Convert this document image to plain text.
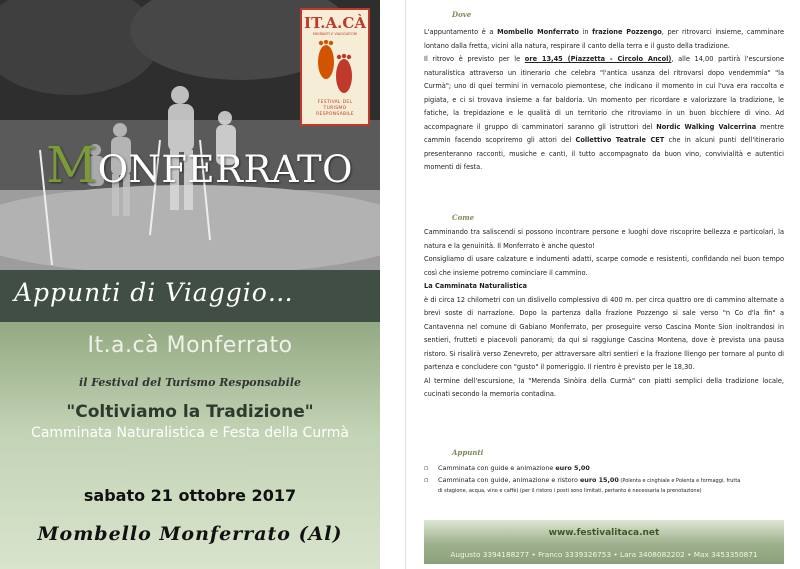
IT.A.CÀ
MIGRANTI E VIAGGIATORI
FESTIVAL DEL
TURISMO RESPONSABILE
MONFERRATO
Appunti di Viaggio…
It.a.cà Monferrato
il Festival del Turismo Responsabile
"Coltiviamo la Tradizione"
Camminata Naturalistica e Festa della Curmà
sabato 21 ottobre 2017
Mombello Monferrato (Al)
Dove

L'appuntamento è a Mombello Monferrato in frazione Pozzengo, per ritrovarci insieme, camminare lontano dalla fretta, vicini alla natura, respirare il canto della terra e il gusto della tradizione.

Il ritrovo è previsto per le ore 13,45 (Piazzetta - Circolo Ancol), alle 14,00 partirà l'escursione naturalistica attraverso un itinerario che celebra "l'antica usanza del ritrovarsi dopo vendemmia" "la Curmà"; uno di quei termini in vernacolo piemontese, che indicano il momento in cui l'uva era raccolta e pigiata, e ci si trovava insieme a far baldoria. Un momento per ricordare e valorizzare la tradizione, le fatiche, la trepidazione e le qualità di un territorio che ritroviamo in un buon bicchiere di vino. Ad accompagnare il gruppo di camminatori saranno gli istruttori del Nordic Walking Valcerrina mentre cammin facendo scopriremo gli attori del Collettivo Teatrale CET che in alcuni punti dell'itinerario presenteranno racconti, musiche e canti, il tutto accompagnato da buon vino, convivialità e autentici momenti di festa.

Come

Camminando tra saliscendi si possono incontrare persone e luoghi dove riscoprire bellezza e particolari, la natura e la genuinità. Il Monferrato è anche questo!

Consigliamo di usare calzature e indumenti adatti, scarpe comode e resistenti, confidando nel buon tempo così che insieme potremo cominciare il cammino.

La Camminata Naturalistica

è di circa 12 chilometri con un dislivello complessivo di 400 m. per circa quattro ore di cammino alternate a brevi soste di narrazione. Dopo la partenza dalla frazione Pozzengo si sale verso "n Co d'la fin" a Cantavenna nel comune di Gabiano Monferrato, per proseguire verso Cascina Monte Sion inoltrandosi in sentieri, frutteti e piacevoli panorami; da qui si raggiunge Cascina Montena, dove è prevista una pausa ristoro. Si risalirà verso Zenevreto, per attraversare altri sentieri e la frazione lliengo per tornare al punto di partenza e concludere con "gusto" il pomeriggio. Il rientro è previsto per le 18,30.

Al termine dell'escursione, la "Merenda Sinòira della Curmà" con piatti semplici della tradizione locale, cucinati secondo la memoria contadina.

Appunti
▫ Camminata con guide e animazione euro 5,00
▫ Camminata con guide, animazione e ristoro euro 15,00 (Polenta e cinghiale e Polenta e formaggi, frutta
di stagione, acqua, vino e caffè) (per il ristoro i posti sono limitati, pertanto è necessaria la prenotazione)
www.festivalitaca.net
Augusto 3394188277 • Franco 3339326753 • Lara 3408082202 • Max 3453350871
